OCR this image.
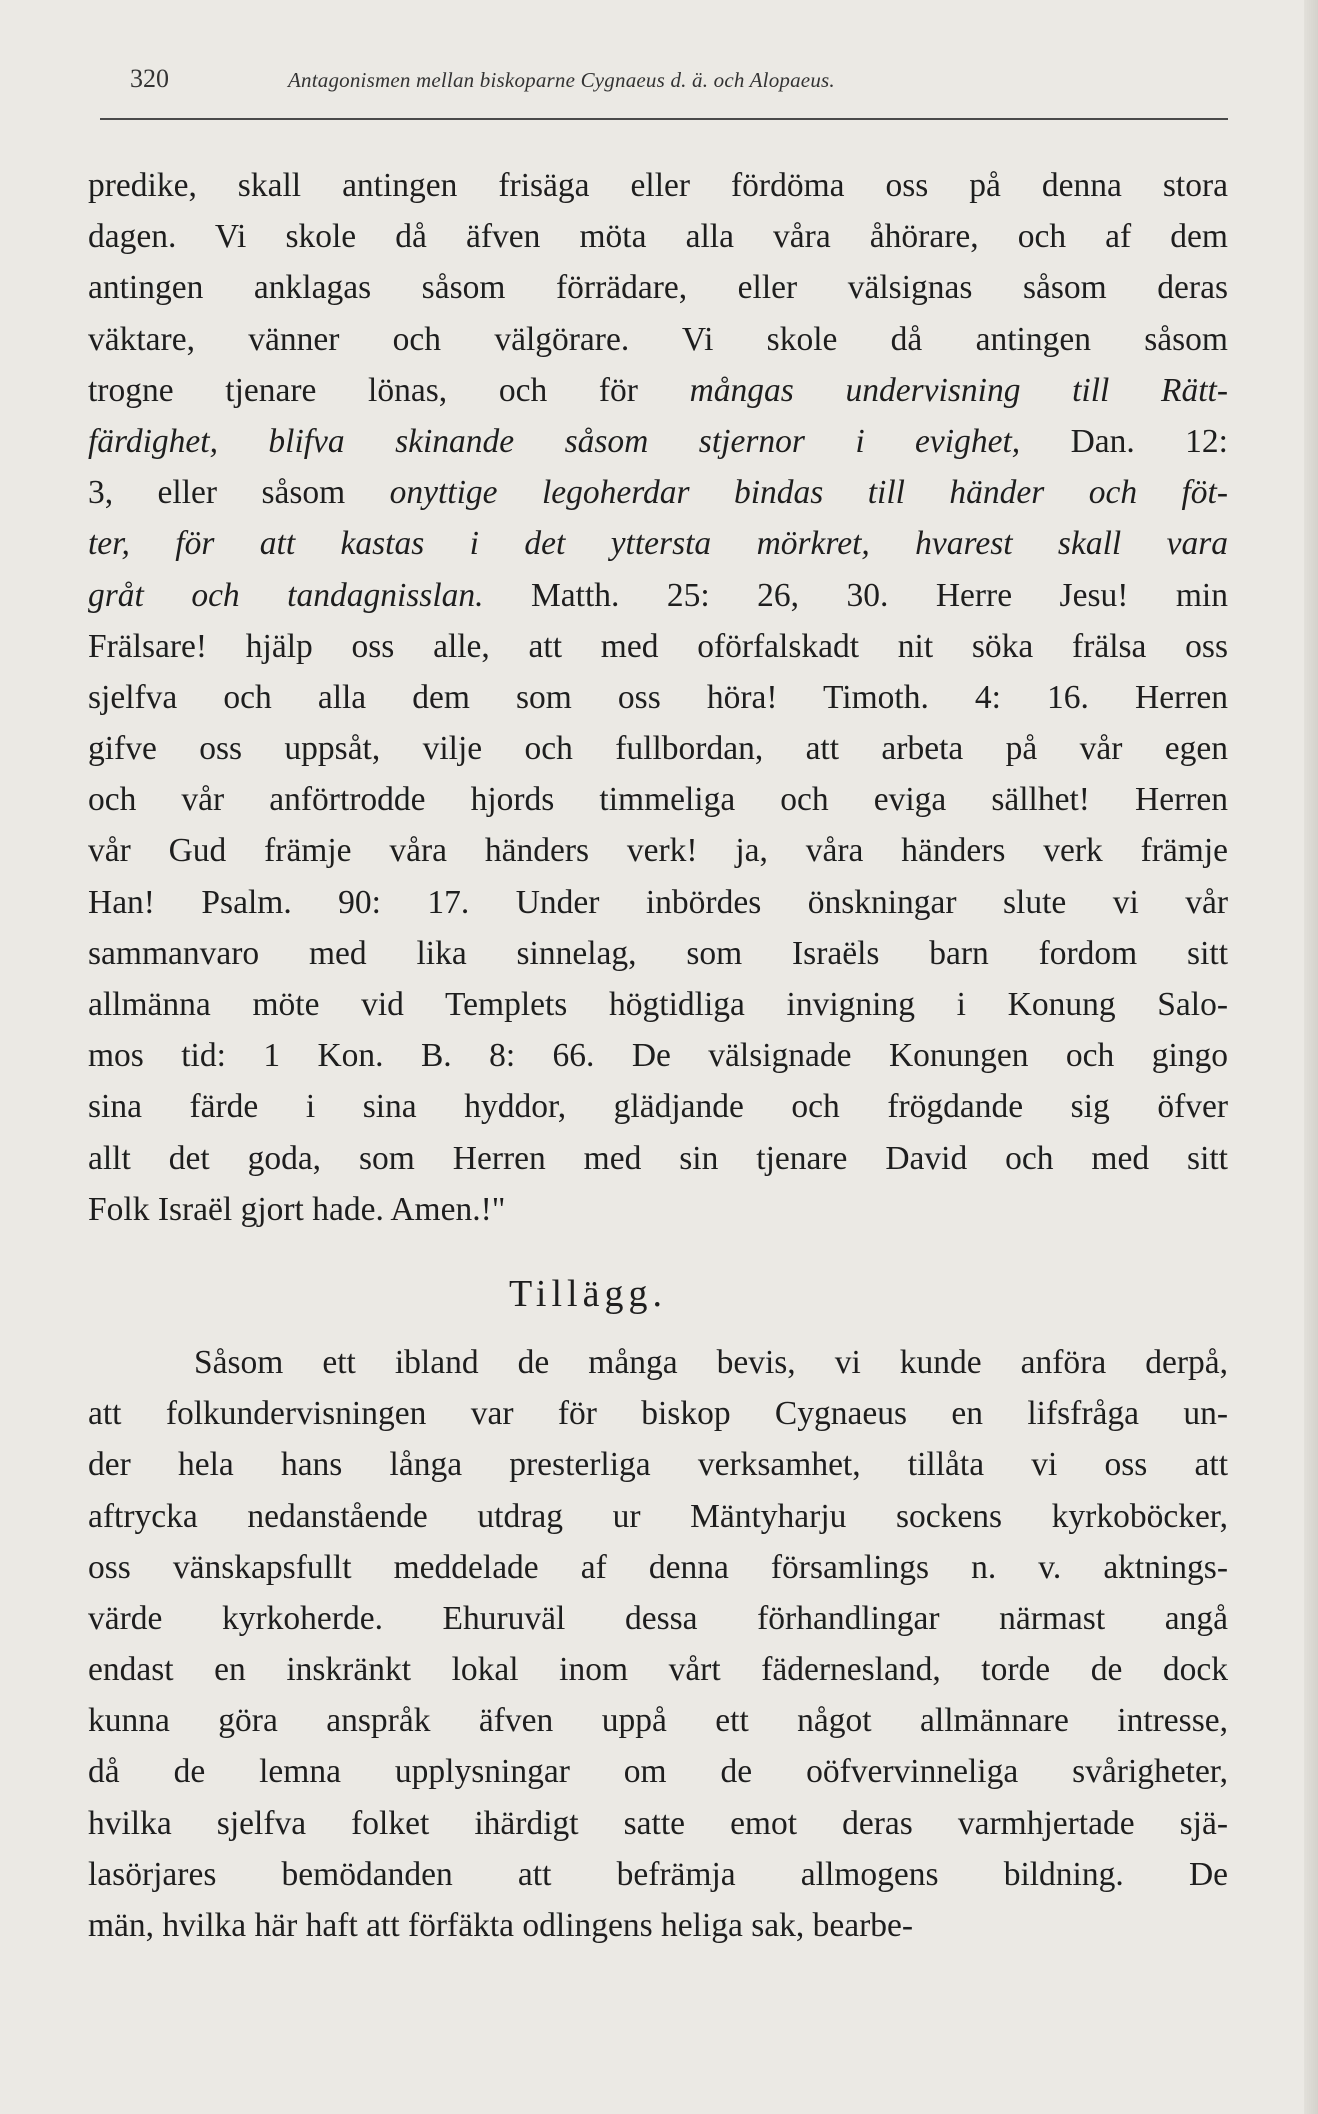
320	Antagonismen mellan biskoparne Cygnaeus d. ä. och Alopaeus.
predike, skall antingen frisäga eller fördöma oss på denna stora
dagen. Vi skole då äfven möta alla våra åhörare, och af dem
antingen anklagas såsom förrädare, eller välsignas såsom deras
väktare, vänner och välgörare. Vi skole då antingen såsom
trogne tjenare lönas, och för mångas undervisning till Rätt-
färdighet, blifva skinande såsom stjernor i evighet, Dan. 12:
3, eller såsom onyttige legoherdar bindas till händer och föt-
ter, för att kastas i det yttersta mörkret, hvarest skall vara
gråt och tandagnisslan. Matth. 25: 26, 30. Herre Jesu! min
Frälsare! hjälp oss alle, att med oförfalskadt nit söka frälsa oss
sjelfva och alla dem som oss höra! Timoth. 4: 16. Herren
gifve oss uppsåt, vilje och fullbordan, att arbeta på vår egen
och vår anförtrodde hjords timmeliga och eviga sällhet! Herren
vår Gud främje våra händers verk! ja, våra händers verk främje
Han! Psalm. 90: 17. Under inbördes önskningar slute vi vår
sammanvaro med lika sinnelag, som Israëls barn fordom sitt
allmänna möte vid Templets högtidliga invigning i Konung Salo-
mos tid: 1 Kon. B. 8: 66. De välsignade Konungen och gingo
sina färde i sina hyddor, glädjande och frögdande sig öfver
allt det goda, som Herren med sin tjenare David och med sitt
Folk Israël gjort hade. Amen.!"
Tillägg.
Såsom ett ibland de många bevis, vi kunde anföra derpå,
att folkundervisningen var för biskop Cygnaeus en lifsfråga un-
der hela hans långa presterliga verksamhet, tillåta vi oss att
aftrycka nedanstående utdrag ur Mäntyharju sockens kyrkoböcker,
oss vänskapsfullt meddelade af denna församlings n. v. aktnings-
värde kyrkoherde. Ehuruväl dessa förhandlingar närmast angå
endast en inskränkt lokal inom vårt fädernesland, torde de dock
kunna göra anspråk äfven uppå ett något allmännare intresse,
då de lemna upplysningar om de oöfvervinneliga svårigheter,
hvilka sjelfva folket ihärdigt satte emot deras varmhjertade sjä-
lasörjares bemödanden att befrämja allmogens bildning. De
män, hvilka här haft att förfäkta odlingens heliga sak, bearbe-
